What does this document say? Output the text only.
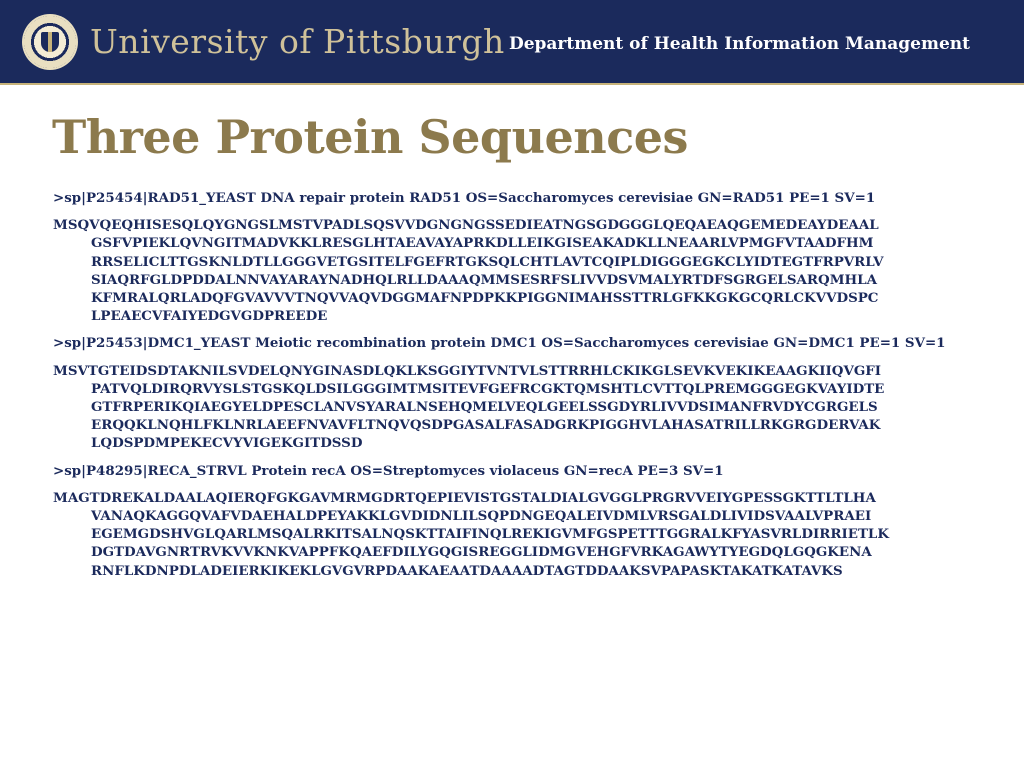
University of Pittsburgh Department of Health Information Management
Three Protein Sequences
>sp|P25454|RAD51_YEAST DNA repair protein RAD51 OS=Saccharomyces cerevisiae GN=RAD51 PE=1 SV=1
MSQVQEQHISESQLQYGNGSLMSTVPADLSQSVVDGNGNGSSEDIEATNGSGDGGGLQEQAEAQGEMEDEAYDEAAL
GSFVPIEKLQVNGITMADVKKLRESGLHTAEAVAYAPRKDLLEIKGISEAKADKLLNEAARLVPMGFVTAADFHM
RRSELICLTTGSKNLDTLLGGGVETGSITELFGEFRTGKSQLCHTLAVTCQIPLDIGGGEGKCLYIDTEGTFRPVRLV
SIAQRFGLDPDDALNNVAYARAYNADHQLRLLDAAAQMMSESRFSLIVVDSVMALYRTDFSGRGELSARQMHLA
KFMRALQRLADQFGVAVVVTNQVVAQVDGGMAFNPDPKKPIGGNIMAHSSTTRLGFKKGKGCQRLCKVVDSPC
LPEAECVFAIYEDGVGDPREEDE
>sp|P25453|DMC1_YEAST Meiotic recombination protein DMC1 OS=Saccharomyces cerevisiae GN=DMC1 PE=1 SV=1
MSVTGTEIDSDTAKNILSVDELQNYGINASDLQKLKSGGIYTVNTVLSTTRRHLCKIKGLSEVKVEKIKEAAGKIIQVGFI
PATVQLDIRQRVYSLSTGSKQLDSILGGGIMTMSITEVFGEFRCGKTQMSHTLCVTTQLPREMGGGEGKVAYIDTE
GTFRPERIKQIAEGYELDPESCLANVSYARALNSEHQMELVEQLGEELSSGDYRLIVVDSIMANFRVDYCGRGELS
ERQQKLNQHLFKLNRLAEEFNVAVFLTNQVQSDPGASALFASADGRKPIGGHVLAHASATRILLRKGRGDERVAK
LQDSPDMPEKECVYVIGEKGITDSSD
>sp|P48295|RECA_STRVL Protein recA OS=Streptomyces violaceus GN=recA PE=3 SV=1
MAGTDREKALDAALAQIERQFGKGAVMRMGDRTQEPIEVISTGSTALDIALGVGGLPRGRVVEIYGPESSGKTTLTLHA
VANAQKAGGQVAFVDAEHALDPEYAKKLGVDIDNLILSQPDNGEQALEIVDMLVRSGALDLIVIDSVAALVPRAEI
EGEMGDSHVGLQARLMSQALRKITSALNQSKTTAIFINQLREKIGVMFGSPETTTGGRALKFYASVRLDIRRIETLK
DGTDAVGNRTRVKVVKNKVAPPFKQAEFDILYGQGISREGGLIDMGVEHGFVRKAGAWYTYEGDQLGQGKENA
RNFLKDNPDLADEIERKIKEKLGVGVRPDAAKAEAATDAAAADTAGTDDAAKSVPAPASKTAKATKATAVKS
